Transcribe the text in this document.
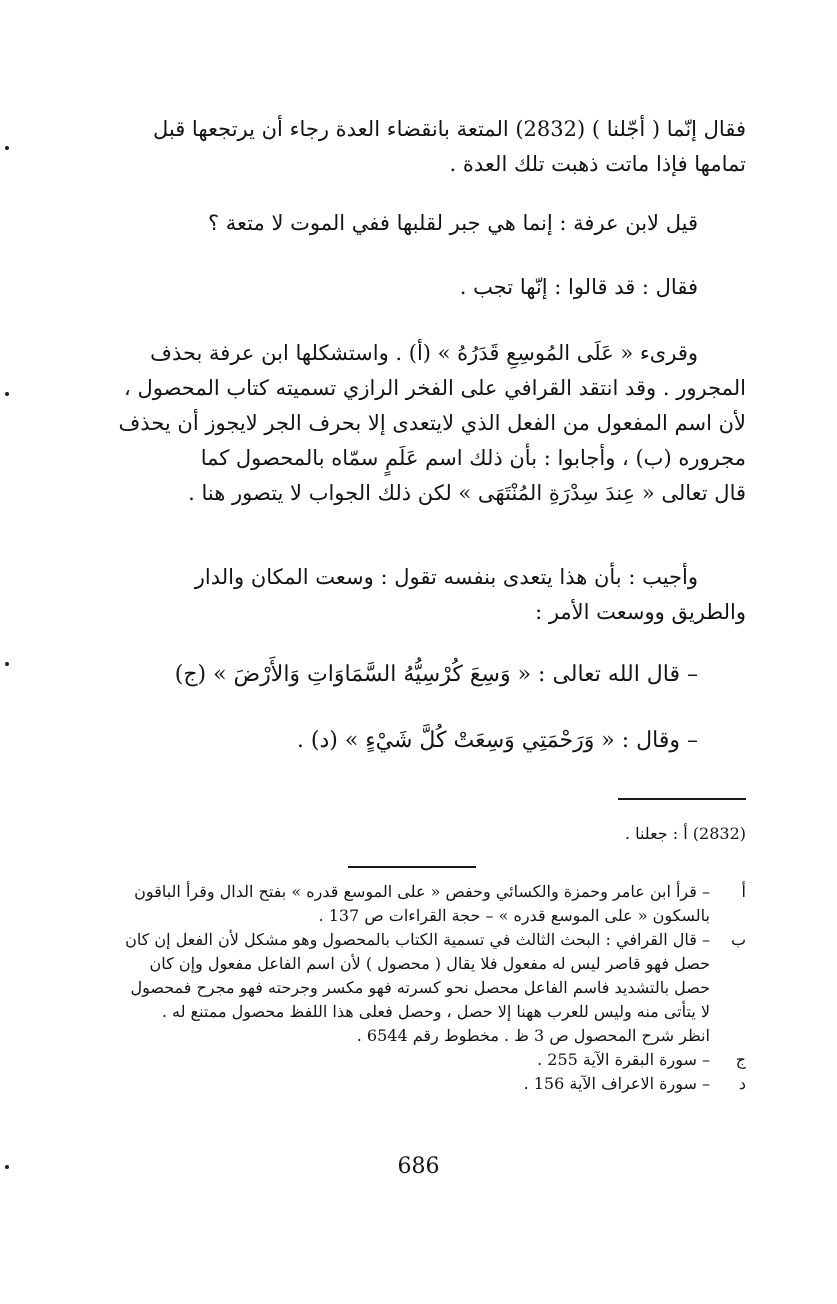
فقال إنّما ( أجّلنا ) (2832) المتعة بانقضاء العدة رجاء أن يرتجعها قبل
تمامها فإذا ماتت ذهبت تلك العدة .
قيل لابن عرفة : إنما هي جبر لقلبها ففي الموت لا متعة ؟
فقال : قد قالوا : إنّها تجب .
وقرىء « عَلَى المُوسِعِ قَدَرُهُ » (أ) . واستشكلها ابن عرفة بحذف
المجرور . وقد انتقد القرافي على الفخر الرازي تسميته كتاب المحصول ،
لأن اسم المفعول من الفعل الذي لايتعدى إلا بحرف الجر لايجوز أن يحذف
مجروره (ب) ، وأجابوا : بأن ذلك اسم عَلَمٍ سمّاه بالمحصول كما
قال تعالى « عِندَ سِدْرَةِ المُنْتَهَى » لكن ذلك الجواب لا يتصور هنا .
وأجيب : بأن هذا يتعدى بنفسه تقول : وسعت المكان والدار
والطريق ووسعت الأمر :
– قال الله تعالى : « وَسِعَ كُرْسِيُّهُ السَّمَاوَاتِ وَالأَرْضَ » (ج)
– وقال : « وَرَحْمَتِي وَسِعَتْ كُلَّ شَيْءٍ » (د) .
(2832) أ : جعلنا .
أ
– قرأ ابن عامر وحمزة والكسائي وحفص « على الموسع قدره » بفتح الدال وقرأ الباقون
بالسكون « على الموسع قدره » – حجة القراءات ص 137 .
ب
– قال القرافي : البحث الثالث في تسمية الكتاب بالمحصول وهو مشكل لأن الفعل إن كان
حصل فهو قاصر ليس له مفعول فلا يقال ( محصول ) لأن اسم الفاعل مفعول وإن كان
حصل بالتشديد فاسم الفاعل محصل نحو كسرته فهو مكسر وجرحته فهو مجرح فمحصول
لا يتأتى منه وليس للعرب ههنا إلا حصل ، وحصل فعلى هذا اللفظ محصول ممتنع له .
انظر شرح المحصول ص 3 ظ . مخطوط رقم 6544 .
ج
– سورة البقرة الآية 255 .
د
– سورة الاعراف الآية 156 .
686
